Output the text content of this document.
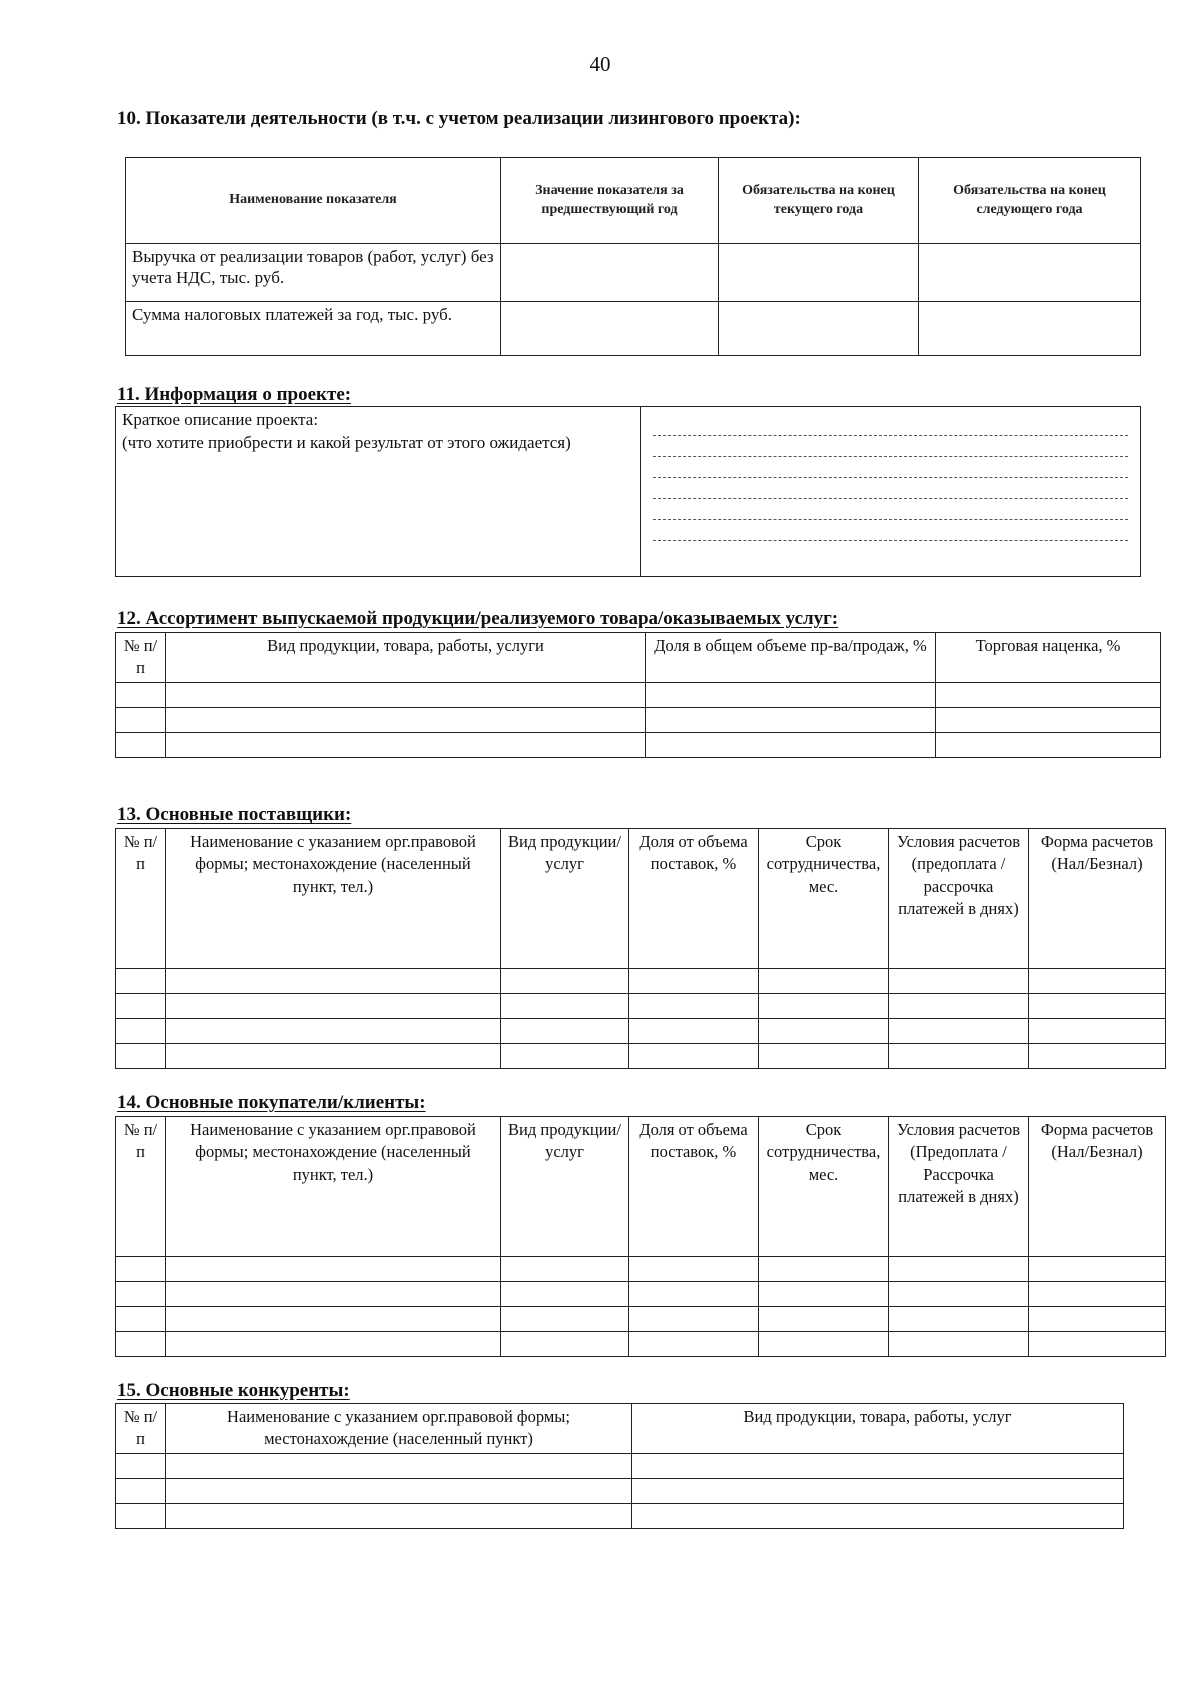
40
10. Показатели деятельности (в т.ч. с учетом реализации лизингового проекта):
Наименование показателя	Значение показателя за предшествующий год	Обязательства на конец текущего года	Обязательства на конец следующего года
Выручка от реализации товаров (работ, услуг) без учета НДС, тыс. руб.			
Сумма налоговых платежей за год, тыс. руб.			
11. Информация о проекте:
Краткое описание проекта:
(что хотите приобрести и какой результат от этого ожидается)

12. Ассортимент выпускаемой продукции/реализуемого товара/оказываемых услуг:
№ п/п	Вид продукции, товара, работы, услуги	Доля в общем объеме пр-ва/продаж, %	Торговая наценка, %

13. Основные поставщики:
№ п/п	Наименование с указанием орг.правовой формы; местонахождение (населенный пункт, тел.)	Вид продукции/ услуг	Доля от объема поставок, %	Срок сотрудничества, мес.	Условия расчетов (предоплата / рассрочка платежей в днях)	Форма расчетов (Нал/Безнал)

14. Основные покупатели/клиенты:
№ п/п	Наименование с указанием орг.правовой формы; местонахождение (населенный пункт, тел.)	Вид продукции/ услуг	Доля от объема поставок, %	Срок сотрудничества, мес.	Условия расчетов (Предоплата / Рассрочка платежей в днях)	Форма расчетов (Нал/Безнал)

15. Основные конкуренты:
№ п/п	Наименование с указанием орг.правовой формы; местонахождение (населенный пункт)	Вид продукции, товара, работы, услуг
